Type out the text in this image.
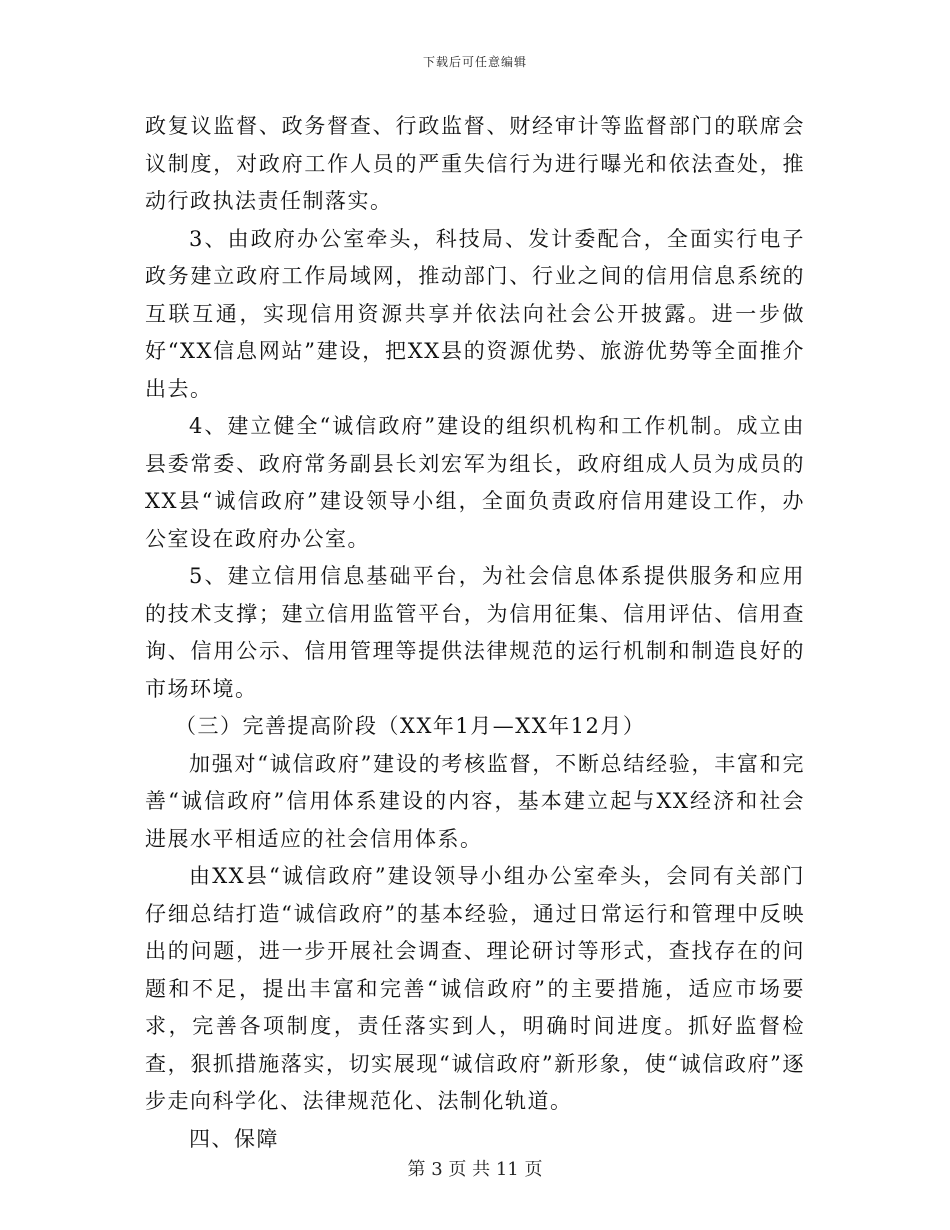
下载后可任意编辑

政复议监督、政务督查、行政监督、财经审计等监督部门的联席会议制度，对政府工作人员的严重失信行为进行曝光和依法查处，推动行政执法责任制落实。

3、由政府办公室牵头，科技局、发计委配合，全面实行电子政务建立政府工作局域网，推动部门、行业之间的信用信息系统的互联互通，实现信用资源共享并依法向社会公开披露。进一步做好“XX信息网站”建设，把XX县的资源优势、旅游优势等全面推介出去。

4、建立健全“诚信政府”建设的组织机构和工作机制。成立由县委常委、政府常务副县长刘宏军为组长，政府组成人员为成员的XX县“诚信政府”建设领导小组，全面负责政府信用建设工作，办公室设在政府办公室。

5、建立信用信息基础平台，为社会信息体系提供服务和应用的技术支撑；建立信用监管平台，为信用征集、信用评估、信用查询、信用公示、信用管理等提供法律规范的运行机制和制造良好的市场环境。

（三）完善提高阶段（XX年1月—XX年12月）

加强对“诚信政府”建设的考核监督，不断总结经验，丰富和完善“诚信政府”信用体系建设的内容，基本建立起与XX经济和社会进展水平相适应的社会信用体系。

由XX县“诚信政府”建设领导小组办公室牵头，会同有关部门仔细总结打造“诚信政府”的基本经验，通过日常运行和管理中反映出的问题，进一步开展社会调查、理论研讨等形式，查找存在的问题和不足，提出丰富和完善“诚信政府”的主要措施，适应市场要求，完善各项制度，责任落实到人，明确时间进度。抓好监督检查，狠抓措施落实，切实展现“诚信政府”新形象，使“诚信政府”逐步走向科学化、法律规范化、法制化轨道。

四、保障

第 3 页 共 11 页
